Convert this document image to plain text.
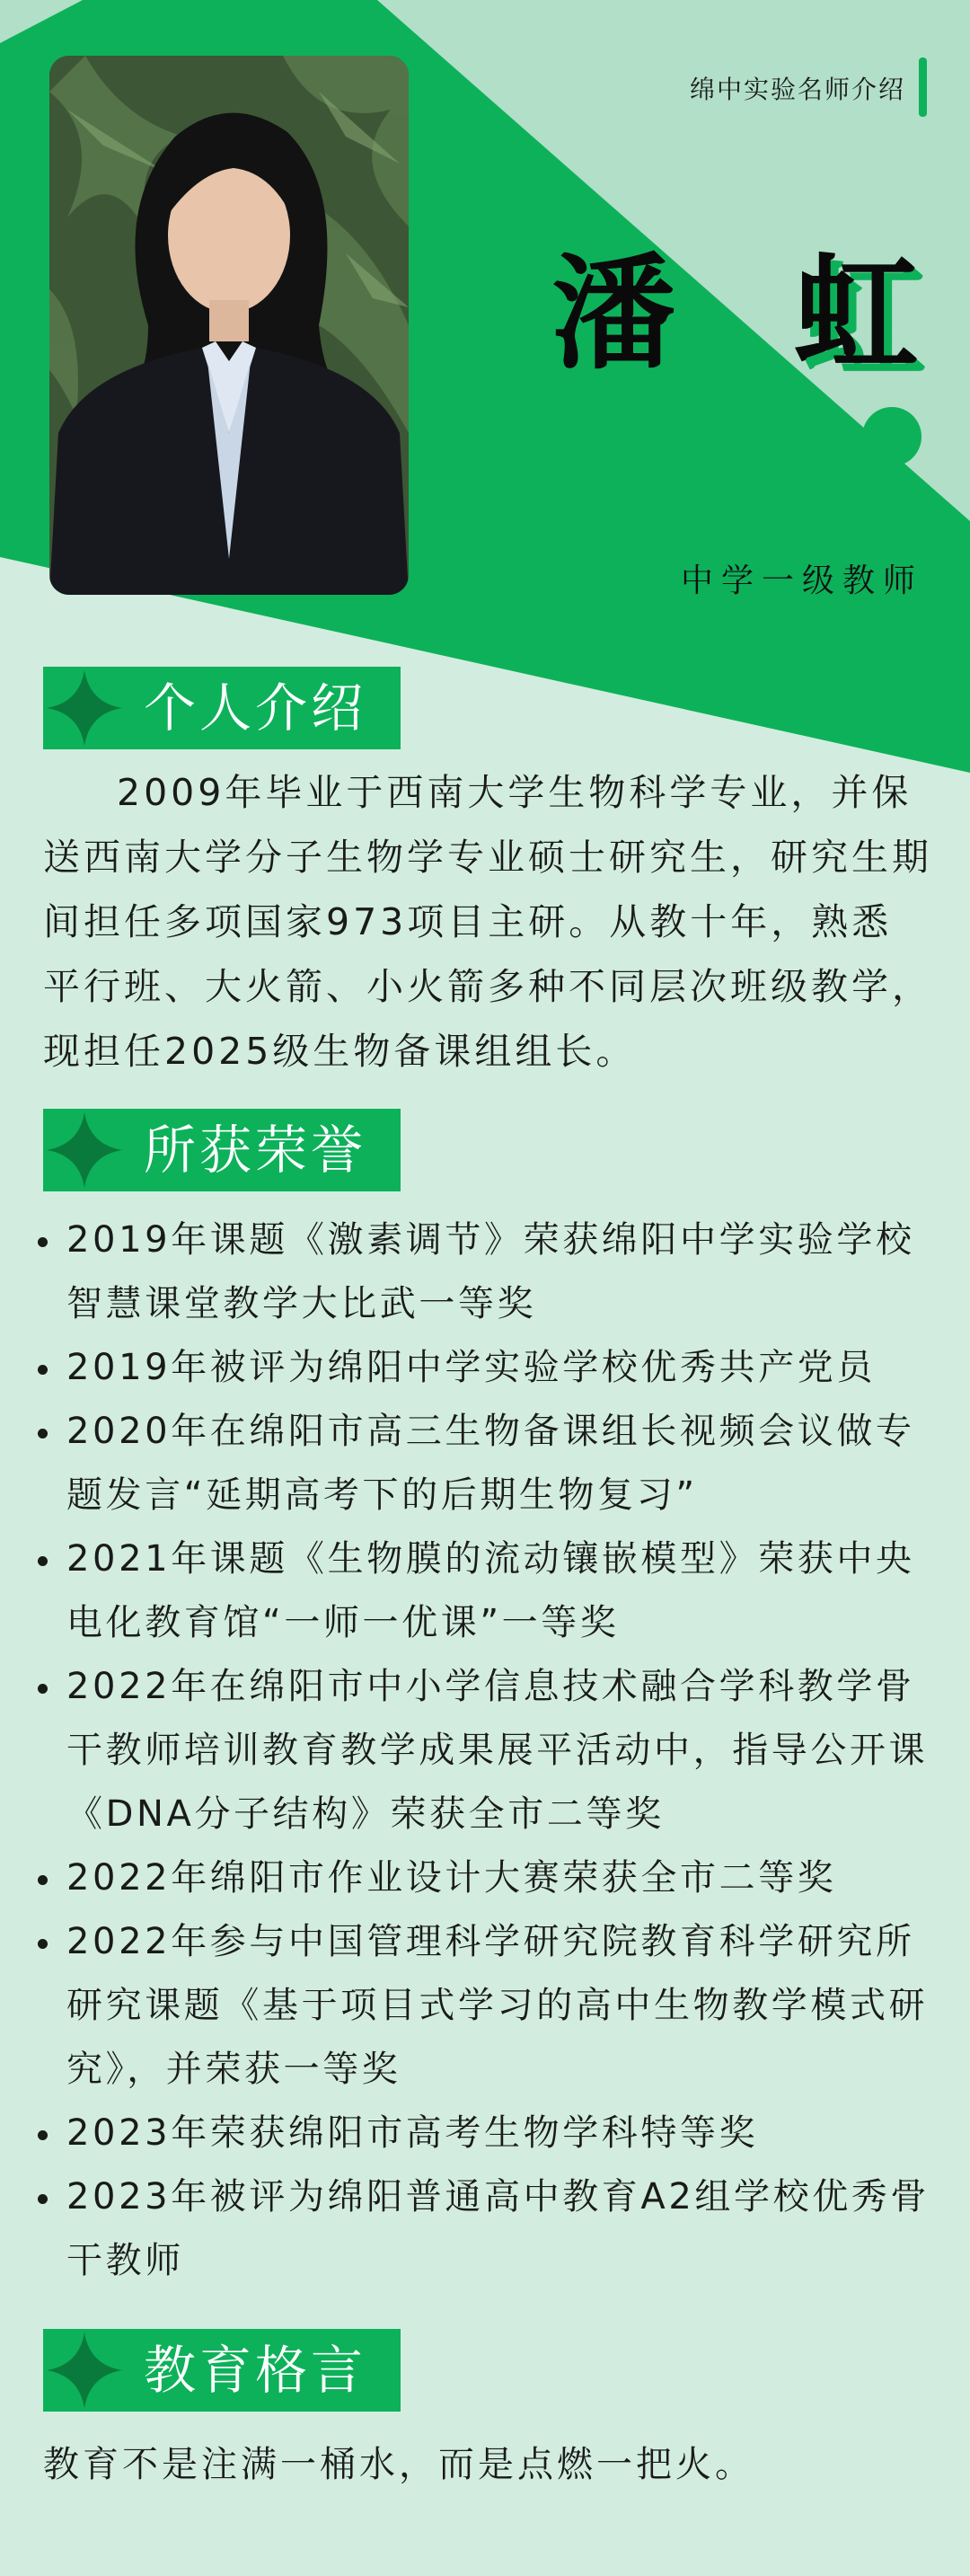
绵中实验名师介绍
潘 虹
中学一级教师
个人介绍

2009年毕业于西南大学生物科学专业，并保送西南大学分子生物学专业硕士研究生，研究生期间担任多项国家973项目主研。从教十年，熟悉平行班、大火箭、小火箭多种不同层次班级教学，现担任2025级生物备课组组长。

所获荣誉
2019年课题《激素调节》荣获绵阳中学实验学校智慧课堂教学大比武一等奖
2019年被评为绵阳中学实验学校优秀共产党员
2020年在绵阳市高三生物备课组长视频会议做专题发言“延期高考下的后期生物复习”
2021年课题《生物膜的流动镶嵌模型》荣获中央电化教育馆“一师一优课”一等奖
2022年在绵阳市中小学信息技术融合学科教学骨干教师培训教育教学成果展平活动中，指导公开课《DNA分子结构》荣获全市二等奖
2022年绵阳市作业设计大赛荣获全市二等奖
2022年参与中国管理科学研究院教育科学研究所研究课题《基于项目式学习的高中生物教学模式研究》，并荣获一等奖
2023年荣获绵阳市高考生物学科特等奖
2023年被评为绵阳普通高中教育A2组学校优秀骨干教师
教育格言
教育不是注满一桶水，而是点燃一把火。
